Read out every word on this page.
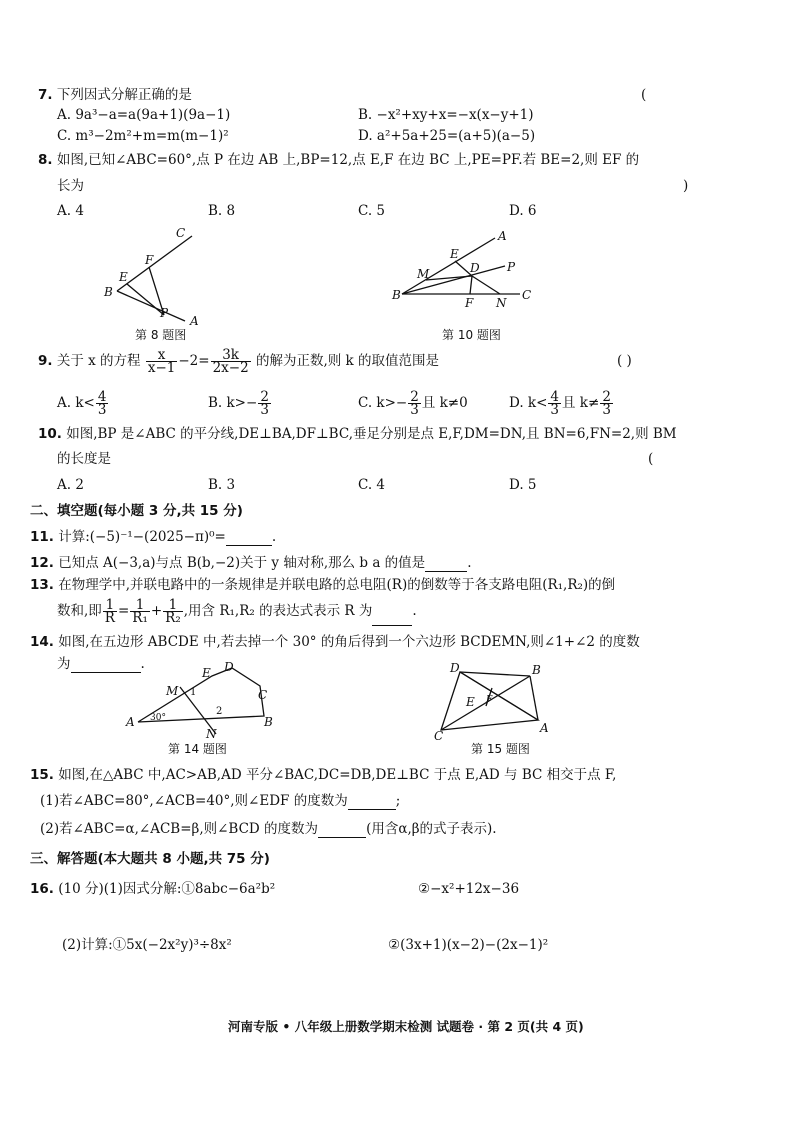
7. 下列因式分解正确的是	(
A. 9a³−a=a(9a+1)(9a−1)	B. −x²+xy+x=−x(x−y+1)
C. m³−2m²+m=m(m−1)²	D. a²+5a+25=(a+5)(a−5)
8. 如图,已知∠ABC=60°,点 P 在边 AB 上,BP=12,点 E,F 在边 BC 上,PE=PF.若 BE=2,则 EF 的
长为	)
A. 4	B. 8	C. 5	D. 6
C
F
E
B
P
A
第 8 题图
A
E
M	D P
B
F N
C
第 10 题图
9. 关于 x 的方程 $\frac{x}{x-1} -2= \frac{3k}{2x-2}$ 的解为正数,则 k 的取值范围是	( )
A. $k< \frac{4}{3}$	B. $k>- \frac{2}{3}$	C. $k>- \frac{2}{3}$ 且 k≠0	D. $k< \frac{4}{3}$ 且 $k\ne \frac{2}{3}$
10. 如图,BP 是∠ABC 的平分线,DE⊥BA,DF⊥BC,垂足分别是点 E,F,DM=DN,且 BN=6,FN=2,则 BM
的长度是	(
A. 2	B. 3	C. 4	D. 5
二、填空题(每小题 3 分,共 15 分)
11. 计算:(−5)⁻¹−(2025−π)⁰=	.
12. 已知点 A(−3,a)与点 B(b,−2)关于 y 轴对称,那么 b a 的值是	.
13. 在物理学中,并联电路中的一条规律是并联电路的总电阻(R)的倒数等于各支路电阻(R₁,R₂)的倒
数和,即 $\frac{1}{R} = \frac{1}{\text{R₁}} + \frac{1}{\text{R₂}}$ ,用含 R₁,R₂ 的表达式表示 R 为	.
14. 如图,在五边形 ABCDE 中,若去掉一个 30° 的角后得到一个六边形 BCDEMN,则∠1+∠2 的度数
为	.
E D
M 1	C
A 30°
2
B
N
第 14 题图
D
E F
B
A
C
第 15 题图
15. 如图,在△ABC 中,AC>AB,AD 平分∠BAC,DC=DB,DE⊥BC 于点 E,AD 与 BC 相交于点 F,
(1)若∠ABC=80°,∠ACB=40°,则∠EDF 的度数为	;
(2)若∠ABC=α,∠ACB=β,则∠BCD 的度数为	(用含α,β的式子表示).
三、解答题(本大题共 8 小题,共 75 分)
16. (10 分)(1)因式分解:①8abc−6a²b²	②−x²+12x−36
(2)计算:①5x(−2x²y)³÷8x²	②(3x+1)(x−2)−(2x−1)²
河南专版 • 八年级上册数学期末检测 试题卷 · 第 2 页(共 4 页)
